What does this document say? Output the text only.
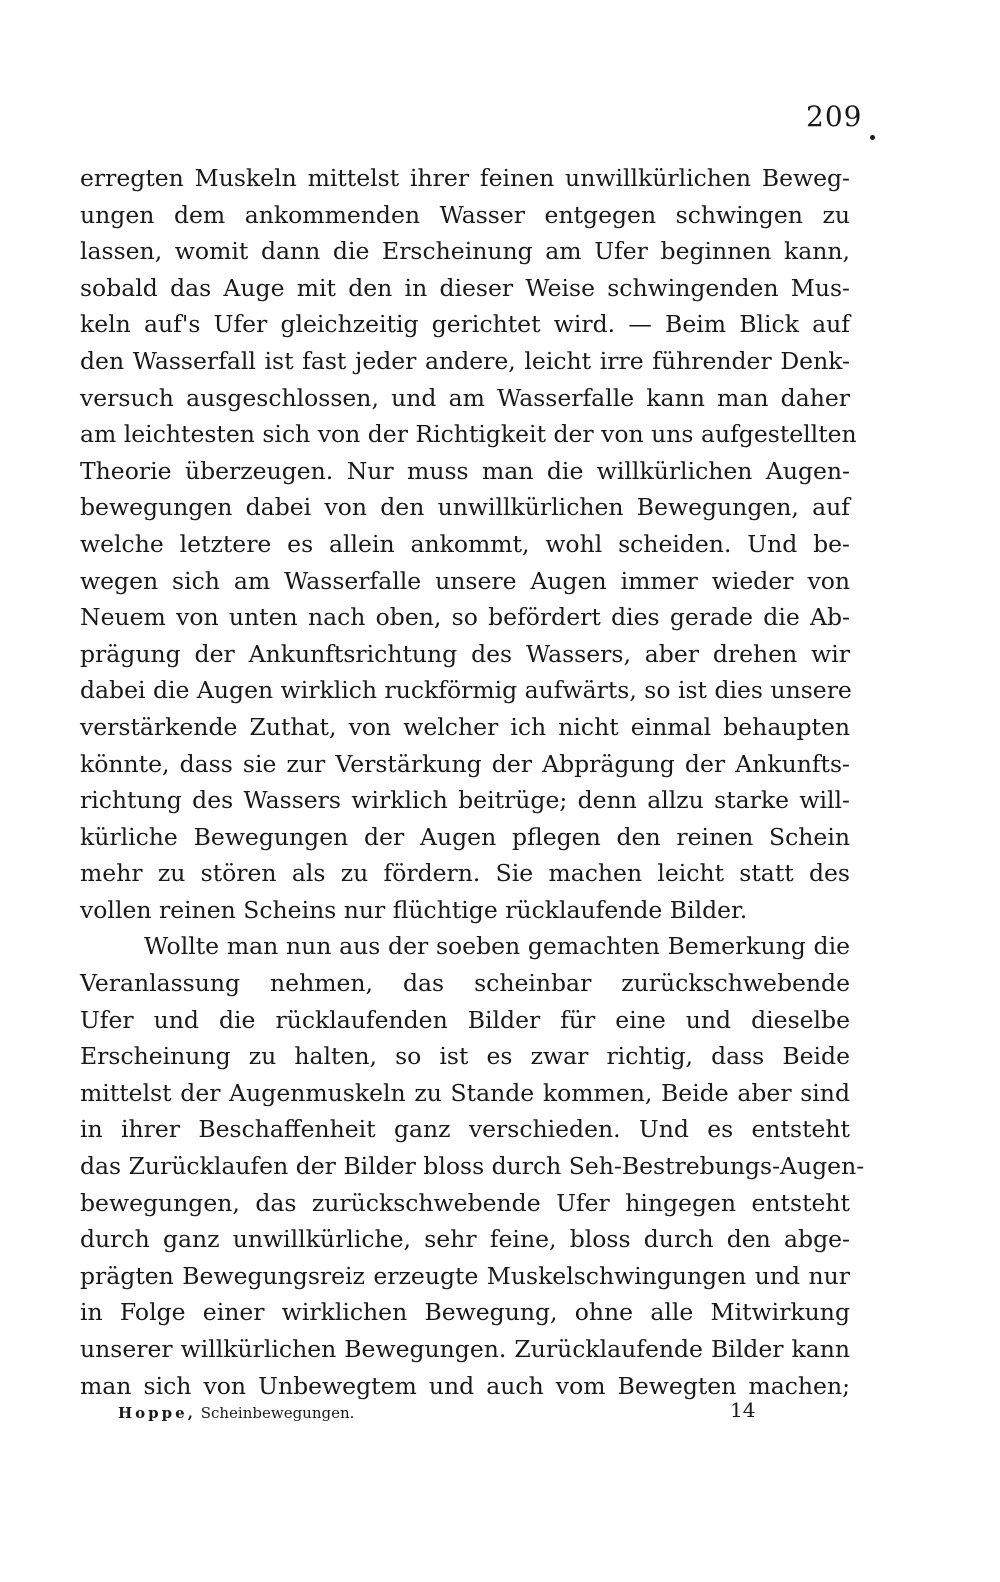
209
erregten Muskeln mittelst ihrer feinen unwillkürlichen Beweg-
ungen dem ankommenden Wasser entgegen schwingen zu
lassen, womit dann die Erscheinung am Ufer beginnen kann,
sobald das Auge mit den in dieser Weise schwingenden Mus-
keln auf's Ufer gleichzeitig gerichtet wird. — Beim Blick auf
den Wasserfall ist fast jeder andere, leicht irre führender Denk-
versuch ausgeschlossen, und am Wasserfalle kann man daher
am leichtesten sich von der Richtigkeit der von uns aufgestellten
Theorie überzeugen. Nur muss man die willkürlichen Augen-
bewegungen dabei von den unwillkürlichen Bewegungen, auf
welche letztere es allein ankommt, wohl scheiden. Und be-
wegen sich am Wasserfalle unsere Augen immer wieder von
Neuem von unten nach oben, so befördert dies gerade die Ab-
prägung der Ankunftsrichtung des Wassers, aber drehen wir
dabei die Augen wirklich ruckförmig aufwärts, so ist dies unsere
verstärkende Zuthat, von welcher ich nicht einmal behaupten
könnte, dass sie zur Verstärkung der Abprägung der Ankunfts-
richtung des Wassers wirklich beitrüge; denn allzu starke will-
kürliche Bewegungen der Augen pflegen den reinen Schein
mehr zu stören als zu fördern. Sie machen leicht statt des
vollen reinen Scheins nur flüchtige rücklaufende Bilder.
Wollte man nun aus der soeben gemachten Bemerkung die
Veranlassung nehmen, das scheinbar zurückschwebende
Ufer und die rücklaufenden Bilder für eine und dieselbe
Erscheinung zu halten, so ist es zwar richtig, dass Beide
mittelst der Augenmuskeln zu Stande kommen, Beide aber sind
in ihrer Beschaffenheit ganz verschieden. Und es entsteht
das Zurücklaufen der Bilder bloss durch Seh-Bestrebungs-Augen-
bewegungen, das zurückschwebende Ufer hingegen entsteht
durch ganz unwillkürliche, sehr feine, bloss durch den abge-
prägten Bewegungsreiz erzeugte Muskelschwingungen und nur
in Folge einer wirklichen Bewegung, ohne alle Mitwirkung
unserer willkürlichen Bewegungen. Zurücklaufende Bilder kann
man sich von Unbewegtem und auch vom Bewegten machen;
Hoppe, Scheinbewegungen.	14
